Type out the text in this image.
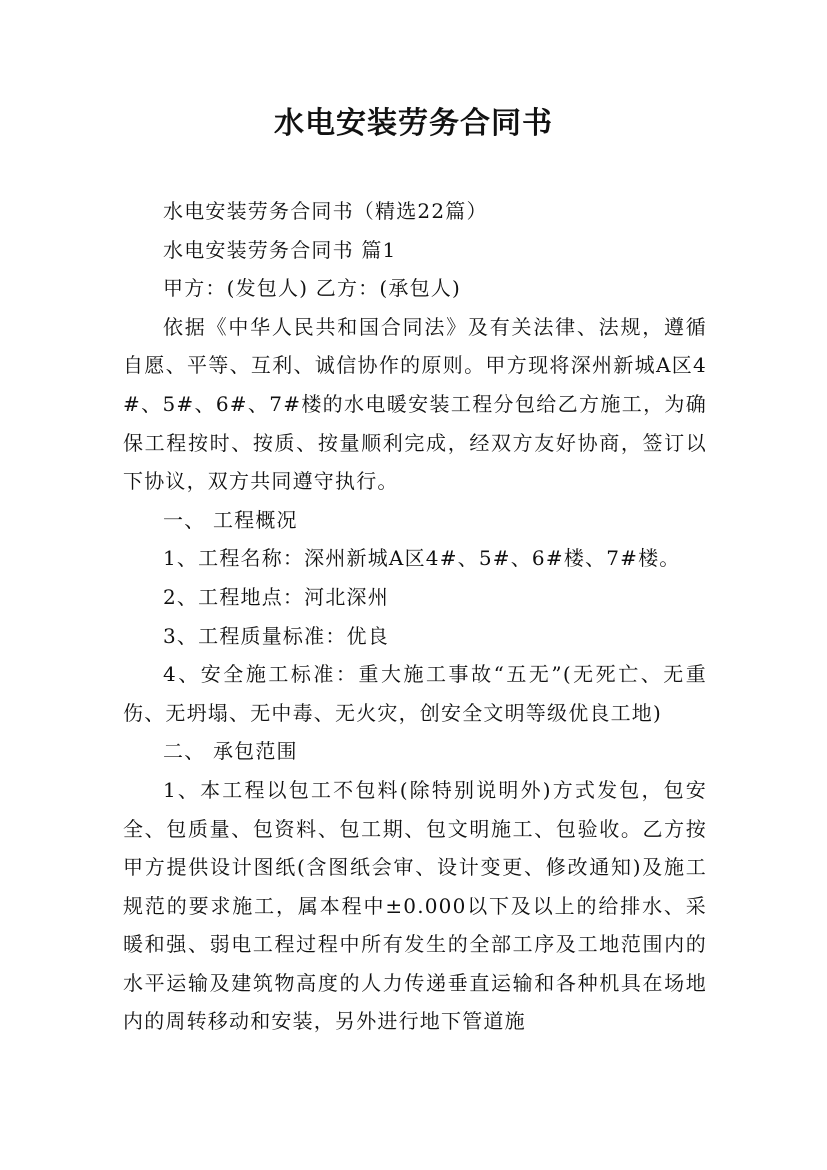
水电安装劳务合同书

水电安装劳务合同书（精选22篇）

水电安装劳务合同书 篇1

甲方：(发包人) 乙方：(承包人)

依据《中华人民共和国合同法》及有关法律、法规，遵循自愿、平等、互利、诚信协作的原则。甲方现将深州新城A区4#、5#、6#、7#楼的水电暖安装工程分包给乙方施工，为确保工程按时、按质、按量顺利完成，经双方友好协商，签订以下协议，双方共同遵守执行。

一、 工程概况

1、工程名称：深州新城A区4#、5#、6#楼、7#楼。

2、工程地点：河北深州

3、工程质量标准：优良

4、安全施工标准：重大施工事故“五无”(无死亡、无重伤、无坍塌、无中毒、无火灾，创安全文明等级优良工地)

二、 承包范围

1、本工程以包工不包料(除特别说明外)方式发包，包安全、包质量、包资料、包工期、包文明施工、包验收。乙方按甲方提供设计图纸(含图纸会审、设计变更、修改通知)及施工规范的要求施工，属本程中±0.000以下及以上的给排水、采暖和强、弱电工程过程中所有发生的全部工序及工地范围内的水平运输及建筑物高度的人力传递垂直运输和各种机具在场地内的周转移动和安装，另外进行地下管道施
